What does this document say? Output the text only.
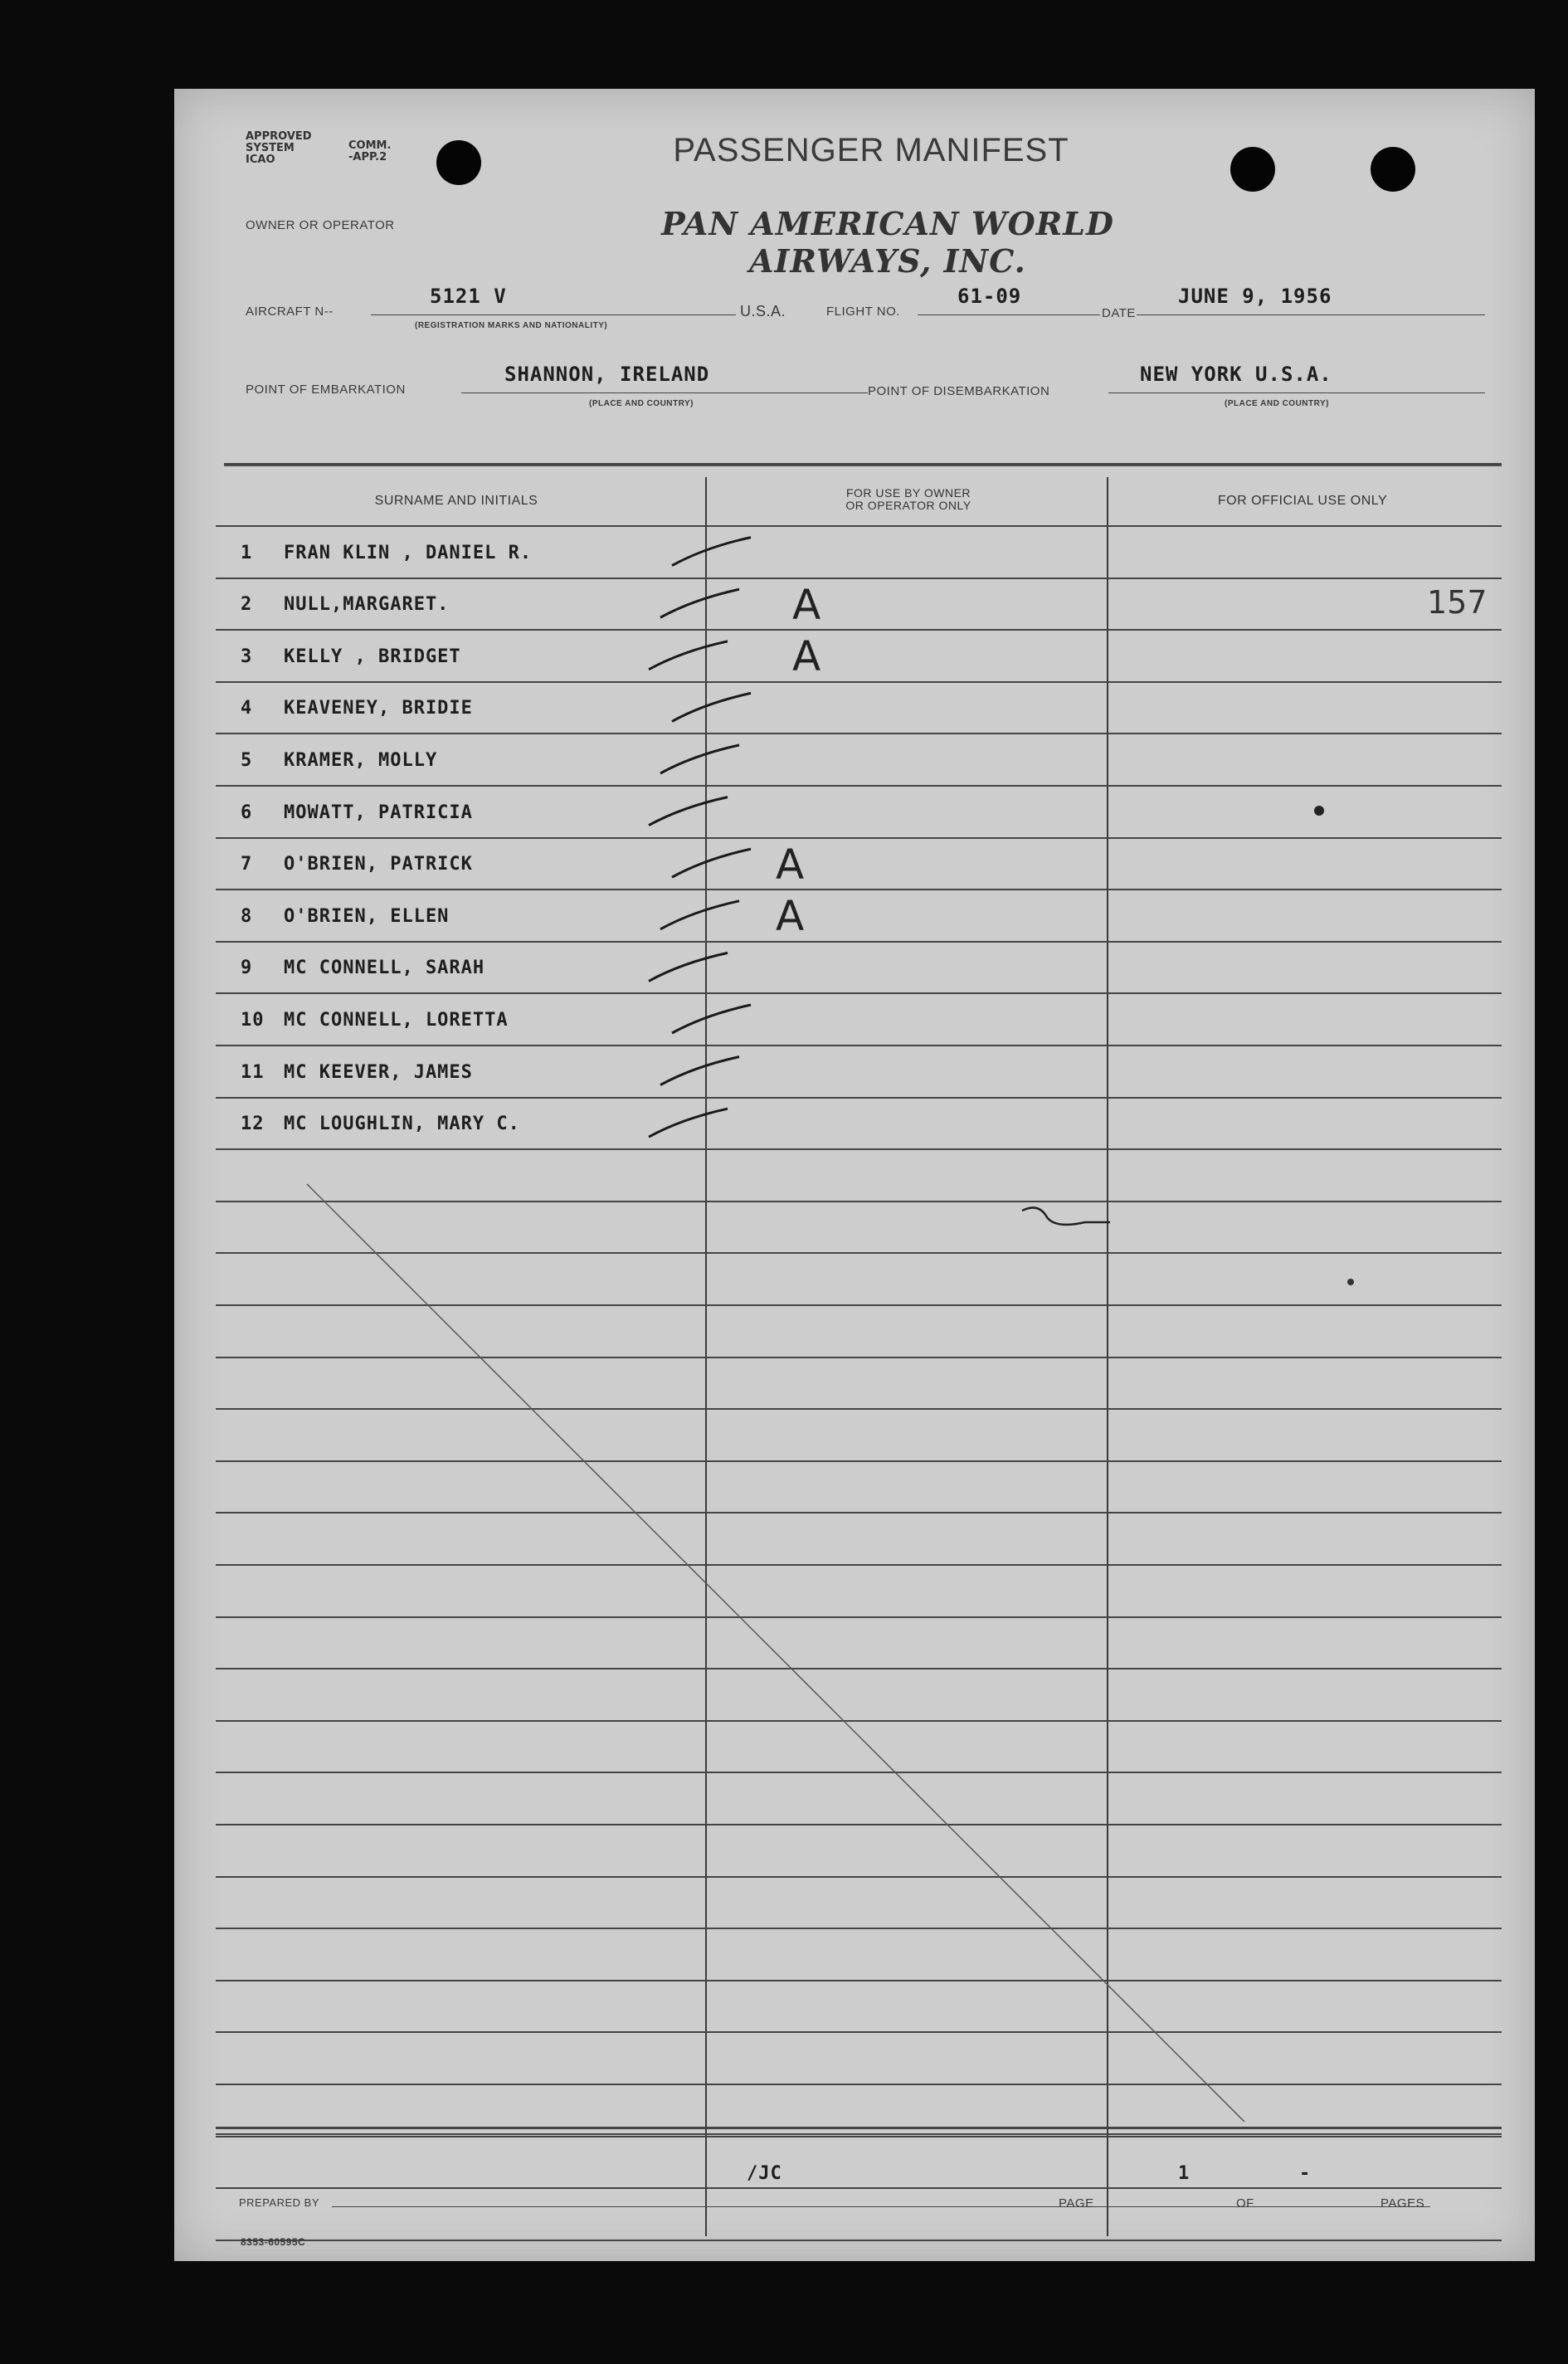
APPROVED
SYSTEM
ICAO
COMM.
-APP.2	PASSENGER MANIFEST
OWNER OR OPERATOR	PAN AMERICAN WORLD AIRWAYS, INC.
AIRCRAFT N--
5121 V
(REGISTRATION MARKS AND NATIONALITY)
U.S.A.	FLIGHT NO.
61-09
DATE
JUNE 9, 1956
POINT OF EMBARKATION
SHANNON, IRELAND
(PLACE AND COUNTRY)
POINT OF DISEMBARKATION
NEW YORK U.S.A.
(PLACE AND COUNTRY)
SURNAME AND INITIALS
FOR USE BY OWNER
OR OPERATOR ONLY	FOR OFFICIAL USE ONLY
1 FRAN KLIN , DANIEL R.
2 NULL,MARGARET.	A	157
3 KELLY , BRIDGET	A
4 KEAVENEY, BRIDIE
5 KRAMER, MOLLY
6 MOWATT, PATRICIA
7 O'BRIEN, PATRICK	A
8 O'BRIEN, ELLEN	A
9 MC CONNELL, SARAH
10 MC CONNELL, LORETTA
11 MC KEEVER, JAMES
12 MC LOUGHLIN, MARY C.
/JC
PREPARED BY	PAGE
1
OF
-
PAGES
8353-60595C
